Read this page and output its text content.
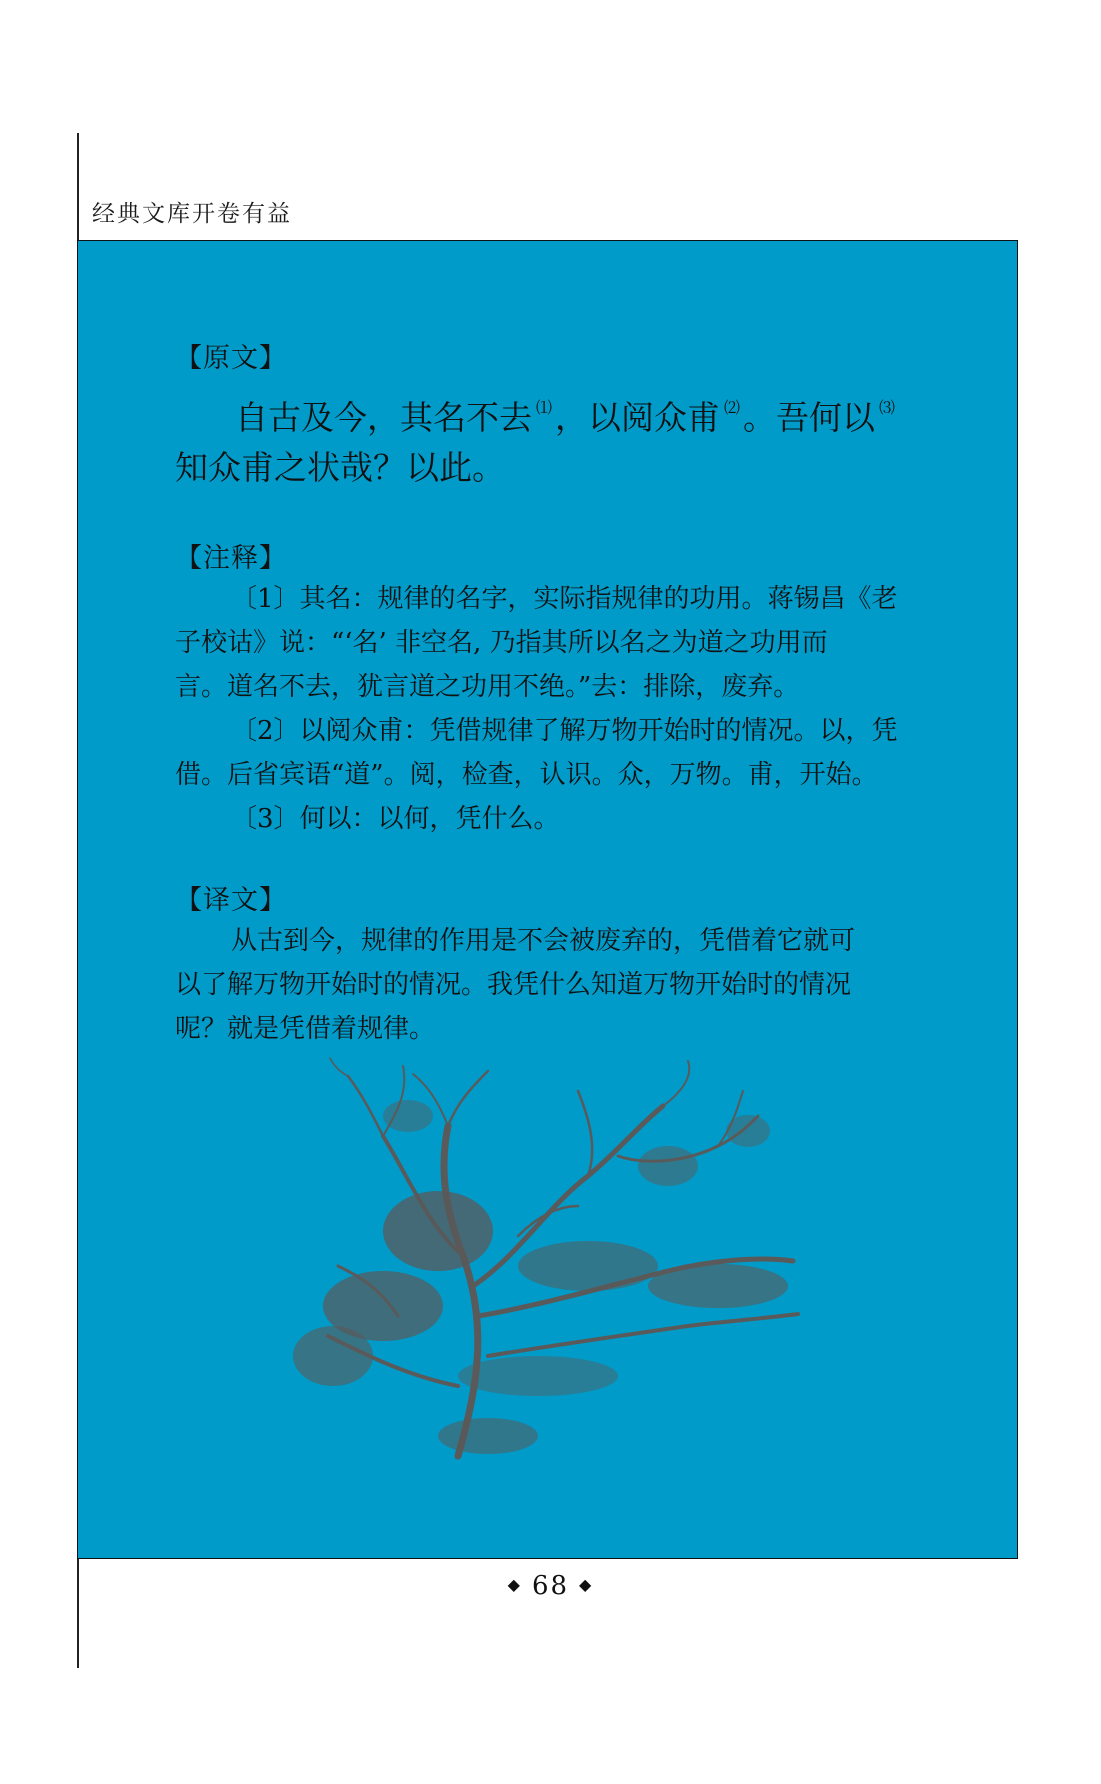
经典文库开卷有益
【原文】

自古及今，其名不去 ⑴，以阅众甫 ⑵。吾何以 ⑶

知众甫之状哉？以此。

【注释】

〔1〕其名：规律的名字，实际指规律的功用。蒋锡昌《老

子校诂》说：“‘名’ 非空名, 乃指其所以名之为道之功用而

言。道名不去，犹言道之功用不绝。”去：排除，废弃。

〔2〕以阅众甫：凭借规律了解万物开始时的情况。以，凭

借。后省宾语“道”。阅，检查，认识。众，万物。甫，开始。

〔3〕何以：以何，凭什么。

【译文】

从古到今，规律的作用是不会被废弃的，凭借着它就可

以了解万物开始时的情况。我凭什么知道万物开始时的情况

呢？就是凭借着规律。

◆ 68 ◆
